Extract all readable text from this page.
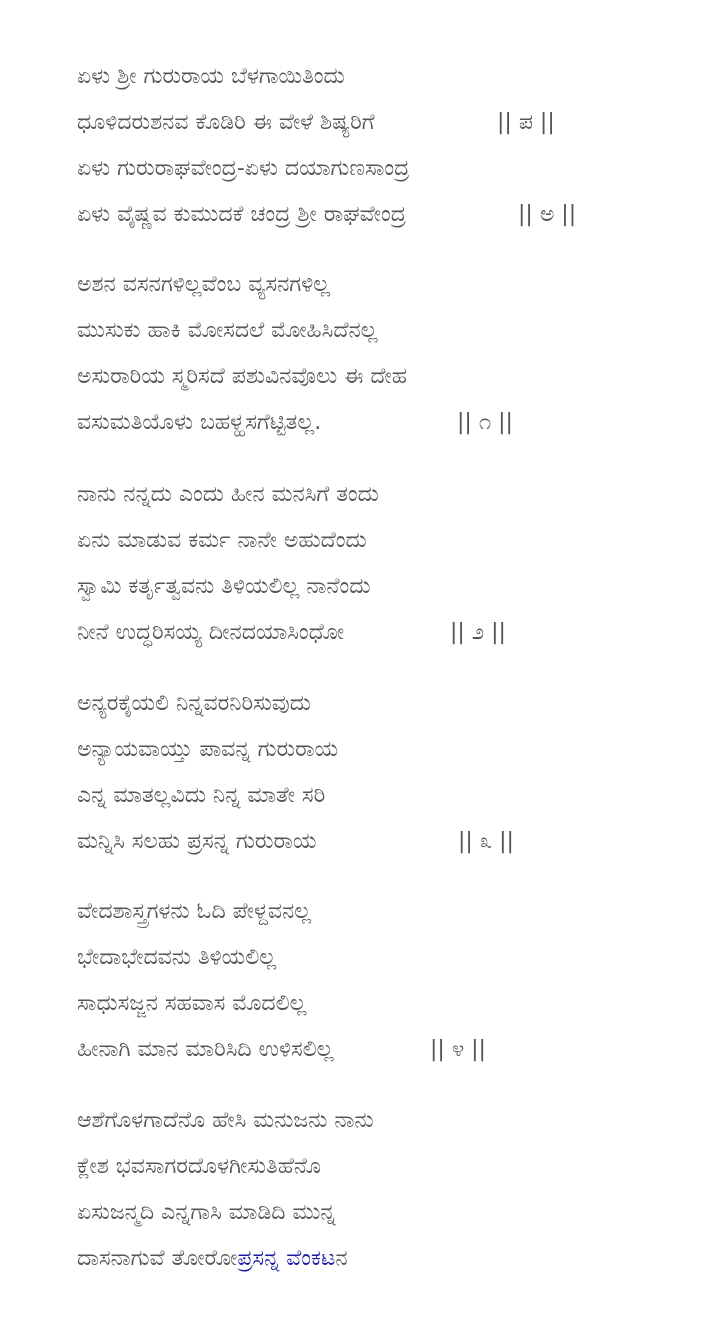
ಏಳು ಶ್ರೀ ಗುರುರಾಯ ಬೆಳಗಾಯಿತಿಂದು
ಧೂಳಿದರುಶನವ ಕೊಡಿರಿ ಈ ವೇಳೆ ಶಿಷ್ಯರಿಗೆ	|| ಪ ||
ಏಳು ಗುರುರಾಘವೇಂದ್ರ-ಏಳು ದಯಾಗುಣಸಾಂದ್ರ
ಏಳು ವೈಷ್ಣವ ಕುಮುದಕೆ ಚಂದ್ರ ಶ್ರೀ ರಾಘವೇಂದ್ರ	|| ಅ ||
ಅಶನ ವಸನಗಳಿಲ್ಲವೆಂಬ ವ್ಯಸನಗಳಿಲ್ಲ
ಮುಸುಕು ಹಾಕಿ ಮೋಸದಲೆ ಮೋಹಿಸಿದೆನಲ್ಲ
ಅಸುರಾರಿಯ ಸ್ಮರಿಸದೆ ಪಶುವಿನವೊಲು ಈ ದೇಹ
ವಸುಮತಿಯೊಳು ಬಹಳ್ಹಸಗೆಟ್ಟಿತಲ್ಲ.	|| ೧ ||
ನಾನು ನನ್ನದು ಎಂದು ಹೀನ ಮನಸಿಗೆ ತಂದು
ಏನು ಮಾಡುವ ಕರ್ಮ ನಾನೇ ಅಹುದೆಂದು
ಸ್ವಾಮಿ ಕರ್ತೃತ್ವವನು ತಿಳಿಯಲಿಲ್ಲ ನಾನೆಂದು
ನೀನೆ ಉದ್ಧರಿಸಯ್ಯ ದೀನದಯಾಸಿಂಧೋ	|| ೨ ||
ಅನ್ಯರಕೈಯಲಿ ನಿನ್ನವರನಿರಿಸುವುದು
ಅನ್ಯಾಯವಾಯ್ತು ಪಾವನ್ನ ಗುರುರಾಯ
ಎನ್ನ ಮಾತಲ್ಲವಿದು ನಿನ್ನ ಮಾತೇ ಸರಿ
ಮನ್ನಿಸಿ ಸಲಹು ಪ್ರಸನ್ನ ಗುರುರಾಯ	|| ೩ ||
ವೇದಶಾಸ್ತ್ರಗಳನು ಓದಿ ಪೇಳ್ದವನಲ್ಲ
ಭೇದಾಭೇದವನು ತಿಳಿಯಲಿಲ್ಲ
ಸಾಧುಸಜ್ಜನ ಸಹವಾಸ ಮೊದಲಿಲ್ಲ
ಹೀನಾಗಿ ಮಾನ ಮಾರಿಸಿದಿ ಉಳಿಸಲಿಲ್ಲ	|| ೪ ||
ಆಶೆಗೊಳಗಾದೆನೊ ಹೇಸಿ ಮನುಜನು ನಾನು
ಕ್ಲೇಶ ಭವಸಾಗರದೊಳಗೀಸುತಿಹೆನೊ
ಏಸುಜನ್ಮದಿ ಎನ್ನಗಾಸಿ ಮಾಡಿದಿ ಮುನ್ನ
ದಾಸನಾಗುವೆ ತೋರೋಪ್ರಸನ್ನ ವೆಂಕಟನ
